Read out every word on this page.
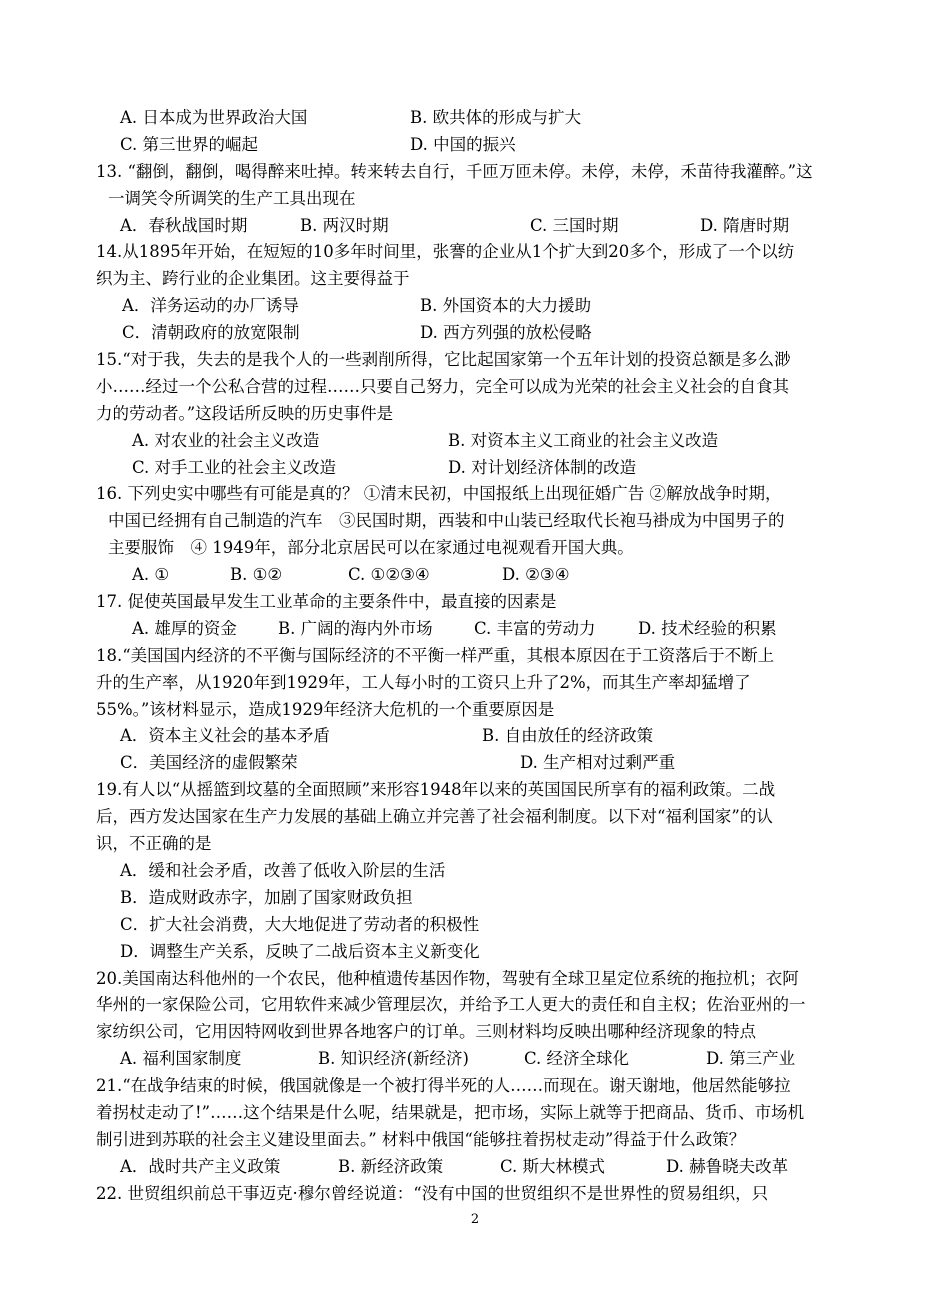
A. 日本成为世界政治大国	B. 欧共体的形成与扩大
C. 第三世界的崛起	D. 中国的振兴
13. “翻倒，翻倒，喝得醉来吐掉。转来转去自行，千匝万匝未停。未停，未停，禾苗待我灌醉。”这
一调笑令所调笑的生产工具出现在
A．春秋战国时期	B. 两汉时期	C. 三国时期	D. 隋唐时期
14.从1895年开始，在短短的10多年时间里，张謇的企业从1个扩大到20多个，形成了一个以纺
织为主、跨行业的企业集团。这主要得益于
A．洋务运动的办厂诱导	B. 外国资本的大力援助
C．清朝政府的放宽限制	D. 西方列强的放松侵略
15.“对于我，失去的是我个人的一些剥削所得，它比起国家第一个五年计划的投资总额是多么渺
小……经过一个公私合营的过程……只要自己努力，完全可以成为光荣的社会主义社会的自食其
力的劳动者。”这段话所反映的历史事件是
A. 对农业的社会主义改造	B. 对资本主义工商业的社会主义改造
C. 对手工业的社会主义改造	D. 对计划经济体制的改造
16. 下列史实中哪些有可能是真的？ ①清末民初，中国报纸上出现征婚广告 ②解放战争时期，
中国已经拥有自己制造的汽车　③民国时期，西装和中山装已经取代长袍马褂成为中国男子的
主要服饰　④ 1949年，部分北京居民可以在家通过电视观看开国大典。
A. ①	B. ①②	C. ①②③④	D. ②③④
17. 促使英国最早发生工业革命的主要条件中，最直接的因素是
A. 雄厚的资金	B. 广阔的海内外市场	C. 丰富的劳动力	D. 技术经验的积累
18.“美国国内经济的不平衡与国际经济的不平衡一样严重，其根本原因在于工资落后于不断上
升的生产率，从1920年到1929年，工人每小时的工资只上升了2%，而其生产率却猛增了
55%。”该材料显示，造成1929年经济大危机的一个重要原因是
A．资本主义社会的基本矛盾	B. 自由放任的经济政策
C．美国经济的虚假繁荣	D. 生产相对过剩严重
19.有人以“从摇篮到坟墓的全面照顾”来形容1948年以来的英国国民所享有的福利政策。二战
后，西方发达国家在生产力发展的基础上确立并完善了社会福利制度。以下对“福利国家”的认
识，不正确的是
A．缓和社会矛盾，改善了低收入阶层的生活
B．造成财政赤字，加剧了国家财政负担
C．扩大社会消费，大大地促进了劳动者的积极性
D．调整生产关系，反映了二战后资本主义新变化
20.美国南达科他州的一个农民，他种植遗传基因作物，驾驶有全球卫星定位系统的拖拉机；衣阿
华州的一家保险公司，它用软件来减少管理层次，并给予工人更大的责任和自主权；佐治亚州的一
家纺织公司，它用因特网收到世界各地客户的订单。三则材料均反映出哪种经济现象的特点
A. 福利国家制度	B. 知识经济(新经济)	C. 经济全球化	D. 第三产业
21.“在战争结束的时候，俄国就像是一个被打得半死的人……而现在。谢天谢地，他居然能够拉
着拐杖走动了!”……这个结果是什么呢，结果就是，把市场，实际上就等于把商品、货币、市场机
制引进到苏联的社会主义建设里面去。” 材料中俄国“能够拄着拐杖走动”得益于什么政策？
A．战时共产主义政策	B. 新经济政策	C. 斯大林模式	D. 赫鲁晓夫改革
22. 世贸组织前总干事迈克·穆尔曾经说道：“没有中国的世贸组织不是世界性的贸易组织，只
2
